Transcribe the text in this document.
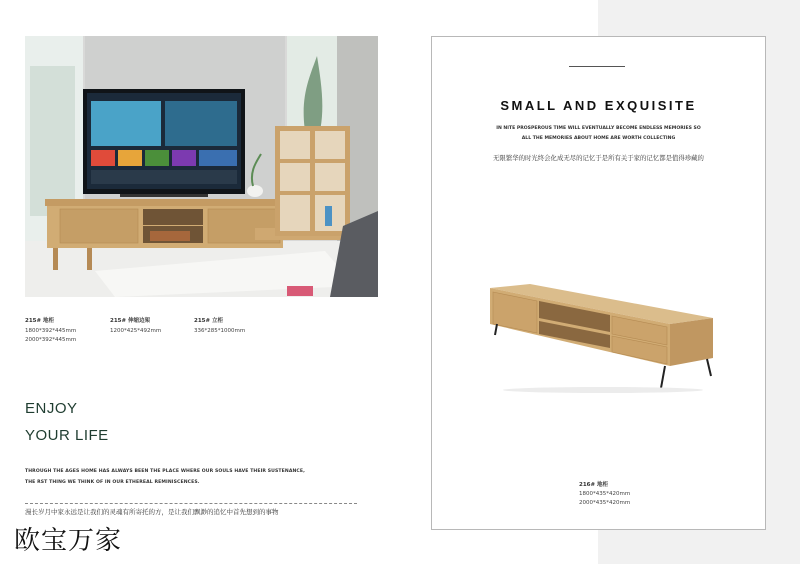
215# 地柜
1800*392*445mm
2000*392*445mm
215# 伸缩边架
1200*425*492mm
215# 立柜
336*285*1000mm
ENJOY
YOUR LIFE
THROUGH THE AGES HOME HAS ALWAYS BEEN THE PLACE WHERE OUR SOULS HAVE THEIR SUSTENANCE,
THE RST THING WE THINK OF IN OUR ETHEREAL REMINISCENCES.
漫长岁月中家永远是让我们的灵魂有所寄托的方，是让我们飘渺的追忆中首先想到的事物
欧宝万家
SMALL AND EXQUISITE
IN NITE PROSPEROUS TIME WILL EVENTUALLY BECOME ENDLESS MEMORIES SO
ALL THE MEMORIES ABOUT HOME ARE WORTH COLLECTING
无限繁华的时光终会化成无尽的记忆于是所有关于家的记忆都是值得珍藏的
216# 地柜
1800*435*420mm
2000*435*420mm
